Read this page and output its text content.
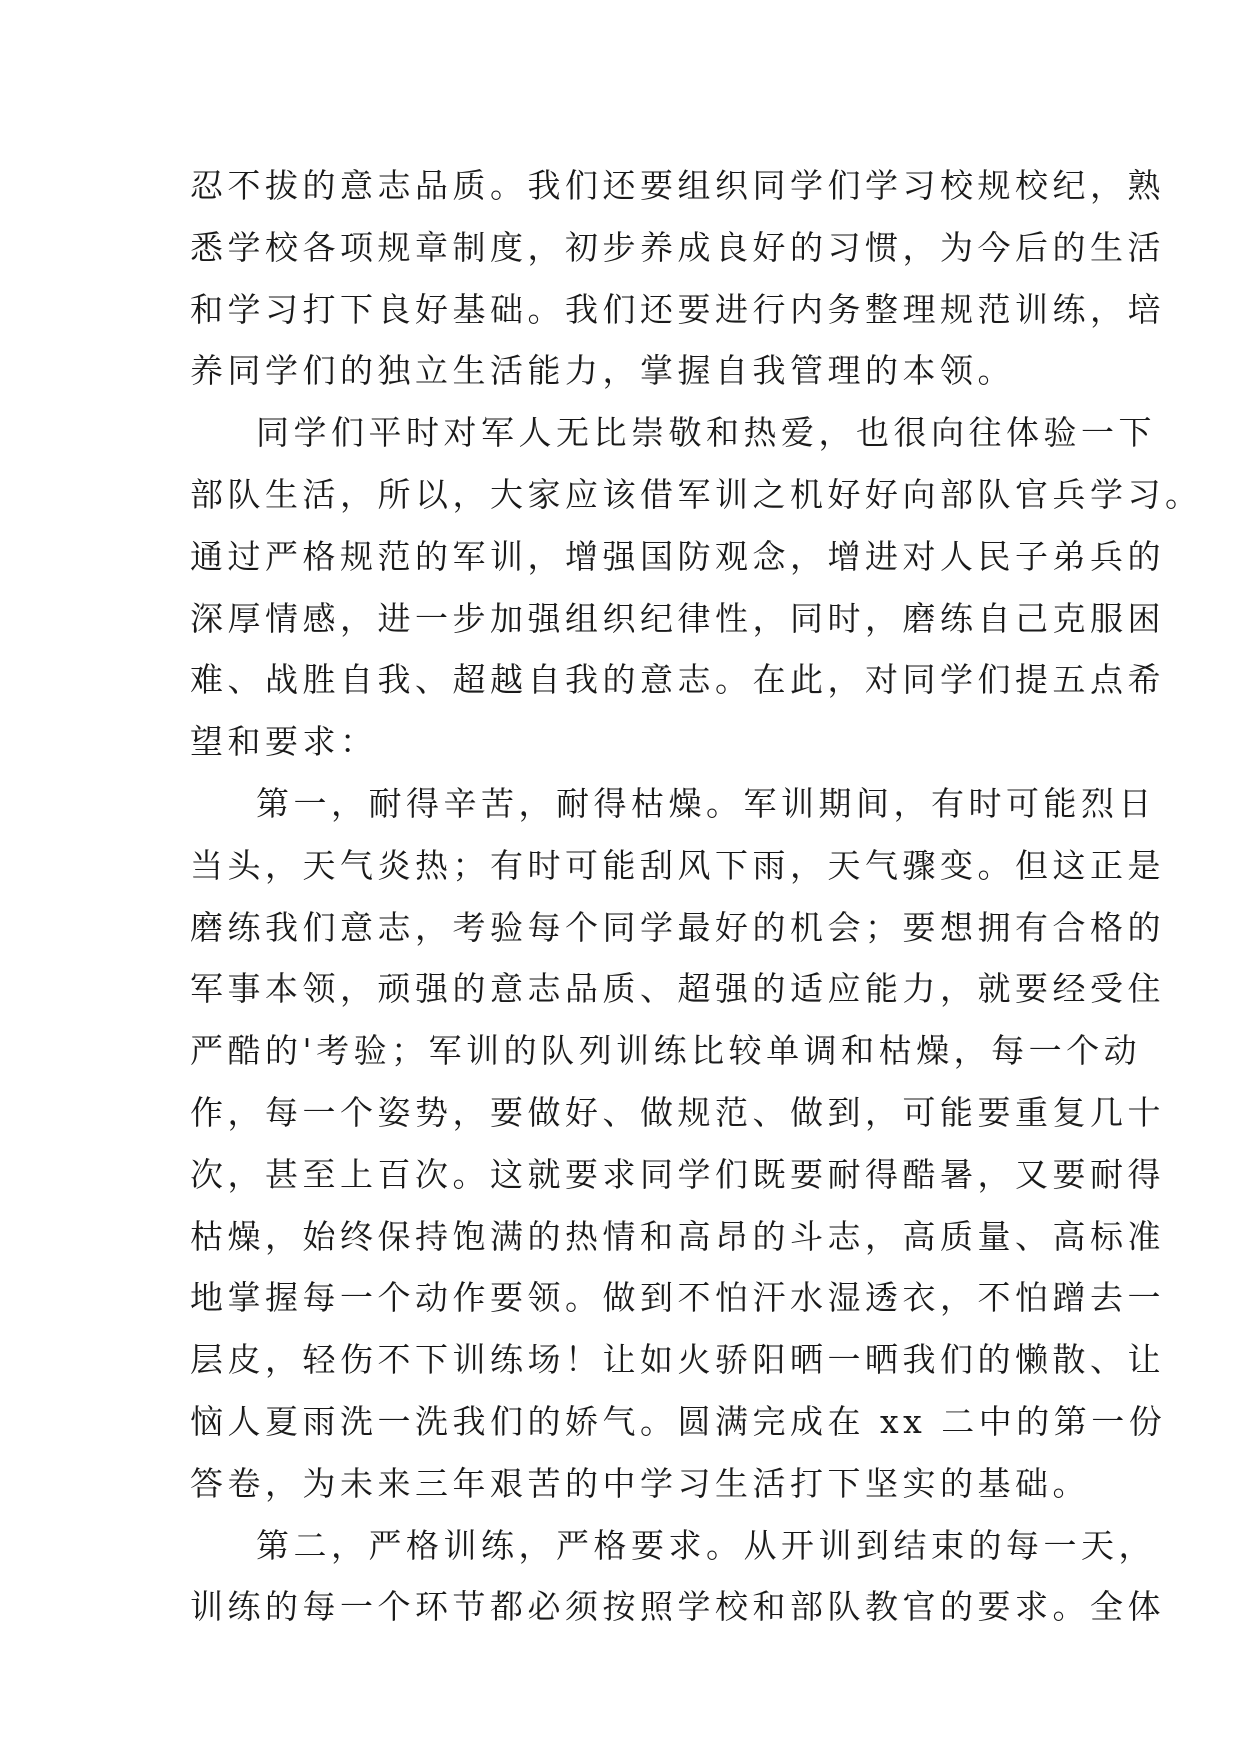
忍不拔的意志品质。我们还要组织同学们学习校规校纪，熟
悉学校各项规章制度，初步养成良好的习惯，为今后的生活
和学习打下良好基础。我们还要进行内务整理规范训练，培
养同学们的独立生活能力，掌握自我管理的本领。
同学们平时对军人无比崇敬和热爱，也很向往体验一下
部队生活，所以，大家应该借军训之机好好向部队官兵学习。
通过严格规范的军训，增强国防观念，增进对人民子弟兵的
深厚情感，进一步加强组织纪律性，同时，磨练自己克服困
难、战胜自我、超越自我的意志。在此，对同学们提五点希
望和要求：
第一，耐得辛苦，耐得枯燥。军训期间，有时可能烈日
当头，天气炎热；有时可能刮风下雨，天气骤变。但这正是
磨练我们意志，考验每个同学最好的机会；要想拥有合格的
军事本领，顽强的意志品质、超强的适应能力，就要经受住
严酷的'考验；军训的队列训练比较单调和枯燥，每一个动
作，每一个姿势，要做好、做规范、做到，可能要重复几十
次，甚至上百次。这就要求同学们既要耐得酷暑，又要耐得
枯燥，始终保持饱满的热情和高昂的斗志，高质量、高标准
地掌握每一个动作要领。做到不怕汗水湿透衣，不怕蹭去一
层皮，轻伤不下训练场！让如火骄阳晒一晒我们的懒散、让
恼人夏雨洗一洗我们的娇气。圆满完成在 xx 二中的第一份
答卷，为未来三年艰苦的中学习生活打下坚实的基础。
第二，严格训练，严格要求。从开训到结束的每一天，
训练的每一个环节都必须按照学校和部队教官的要求。全体
